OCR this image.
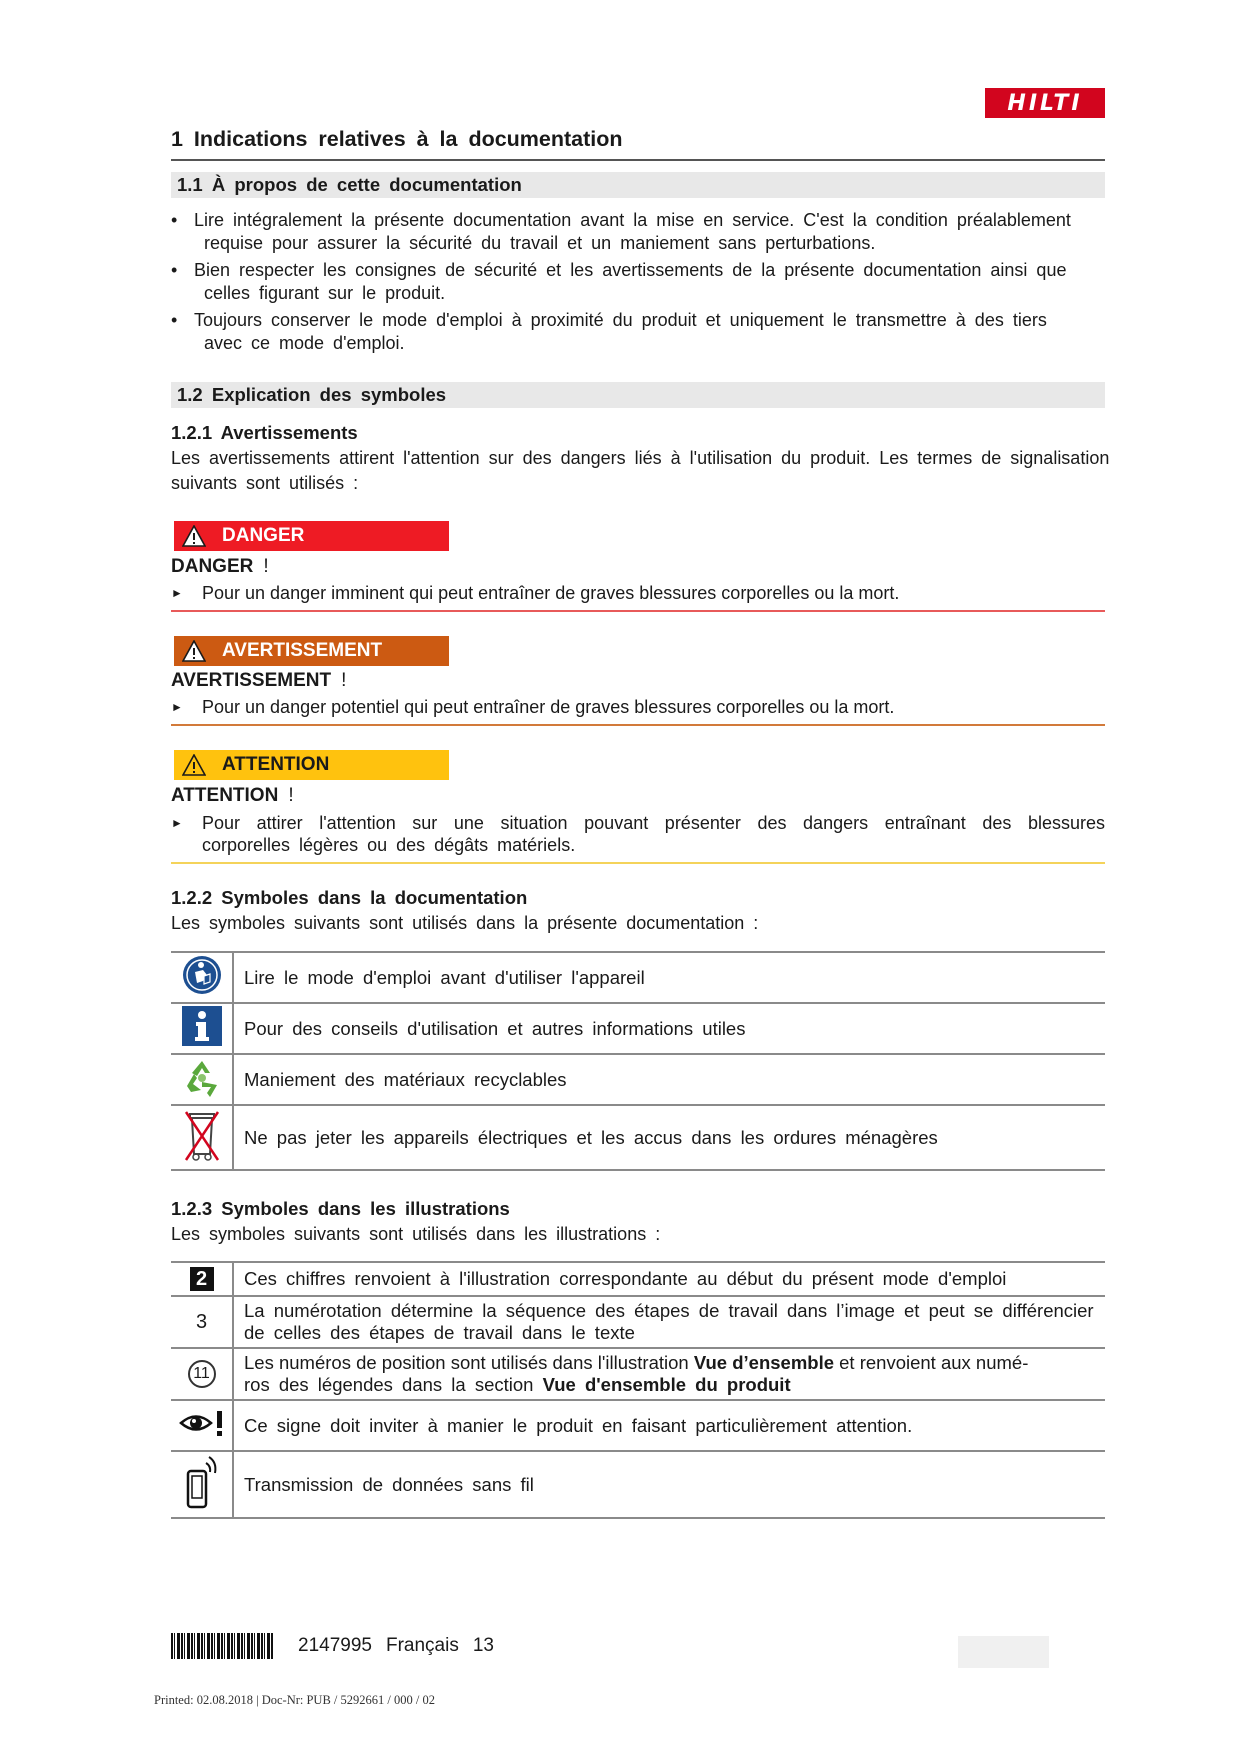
HILTI
1 Indications relatives à la documentation
1.1 À propos de cette documentation
• Lire intégralement la présente documentation avant la mise en service. C'est la condition préalablement
requise pour assurer la sécurité du travail et un maniement sans perturbations.
• Bien respecter les consignes de sécurité et les avertissements de la présente documentation ainsi que
celles figurant sur le produit.
• Toujours conserver le mode d'emploi à proximité du produit et uniquement le transmettre à des tiers
avec ce mode d'emploi.
1.2 Explication des symboles
1.2.1 Avertissements
Les avertissements attirent l'attention sur des dangers liés à l'utilisation du produit. Les termes de signalisation suivants sont utilisés :
DANGER
DANGER !
► Pour un danger imminent qui peut entraîner de graves blessures corporelles ou la mort.
AVERTISSEMENT
AVERTISSEMENT !
► Pour un danger potentiel qui peut entraîner de graves blessures corporelles ou la mort.
ATTENTION
ATTENTION !
► Pour attirer l'attention sur une situation pouvant présenter des dangers entraînant des blessures corporelles légères ou des dégâts matériels.
1.2.2 Symboles dans la documentation
Les symboles suivants sont utilisés dans la présente documentation :
	Lire le mode d'emploi avant d'utiliser l'appareil
	Pour des conseils d'utilisation et autres informations utiles
	Maniement des matériaux recyclables
	Ne pas jeter les appareils électriques et les accus dans les ordures ménagères
1.2.3 Symboles dans les illustrations
Les symboles suivants sont utilisés dans les illustrations :
2	Ces chiffres renvoient à l'illustration correspondante au début du présent mode d'emploi
3	La numérotation détermine la séquence des étapes de travail dans l’image et peut se différencier
de celles des étapes de travail dans le texte
11	Les numéros de position sont utilisés dans l'illustration Vue d’ensemble et renvoient aux numé-
ros des légendes dans la section Vue d'ensemble du produit
	Ce signe doit inviter à manier le produit en faisant particulièrement attention.
	Transmission de données sans fil
2147995 Français 13
Printed: 02.08.2018 | Doc-Nr: PUB / 5292661 / 000 / 02
